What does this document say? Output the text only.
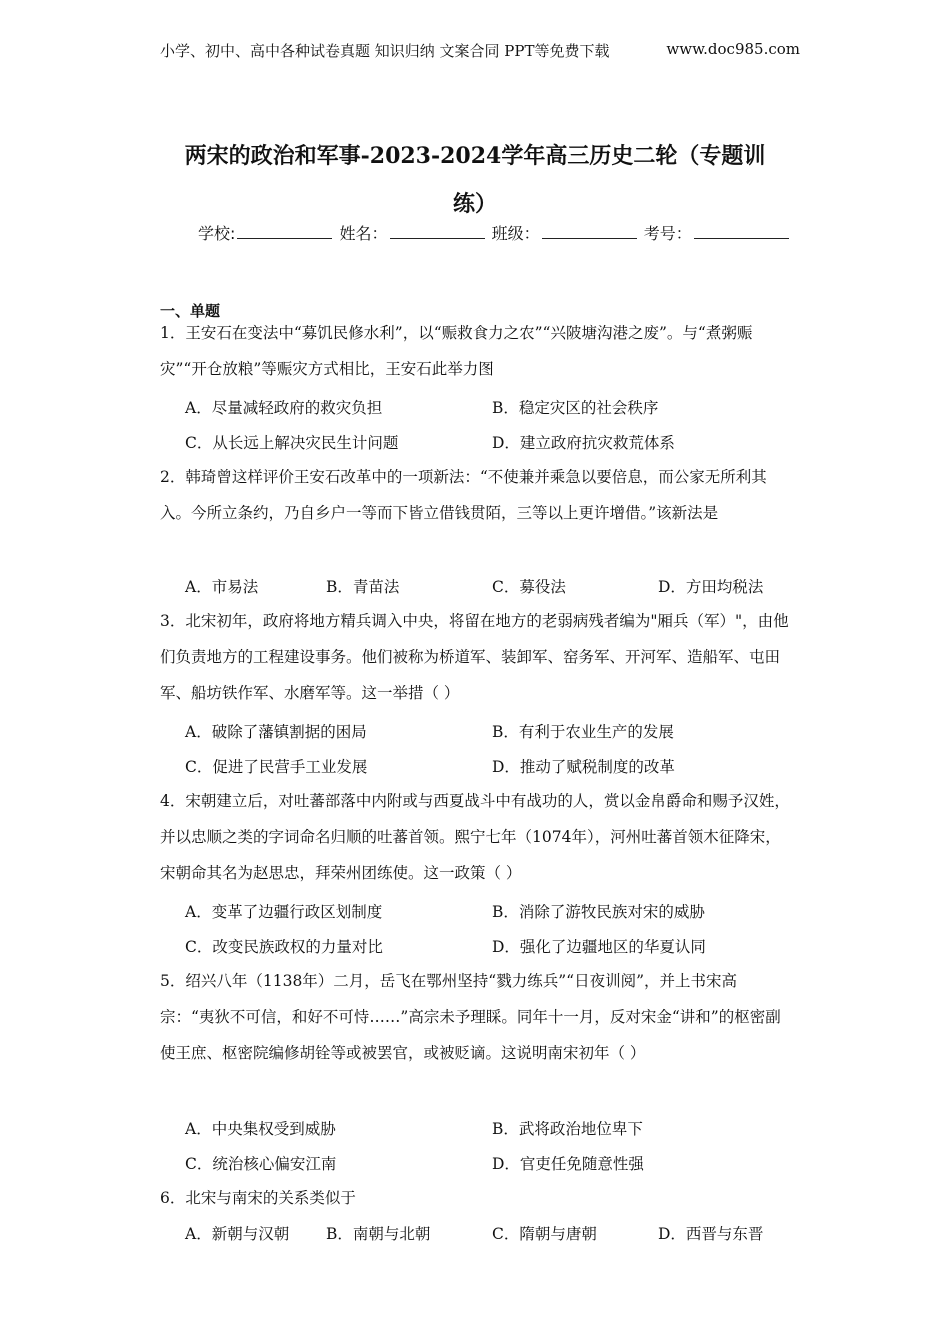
小学、初中、高中各种试卷真题 知识归纳 文案合同 PPT等免费下载	www.doc985.com
两宋的政治和军事-2023-2024学年高三历史二轮（专题训
练）
学校:	姓名：	班级：	考号：
一、单题
1．王安石在变法中“募饥民修水利”，以“赈救食力之农”“兴陂塘沟港之废”。与“煮粥赈灾”“开仓放粮”等赈灾方式相比，王安石此举力图
A．尽量减轻政府的救灾负担	B．稳定灾区的社会秩序
C．从长远上解决灾民生计问题	D．建立政府抗灾救荒体系
2．韩琦曾这样评价王安石改革中的一项新法：“不使兼并乘急以要倍息，而公家无所利其入。今所立条约，乃自乡户一等而下皆立借钱贯陌，三等以上更许增借。”该新法是
A．市易法	B．青苗法	C．募役法	D．方田均税法
3．北宋初年，政府将地方精兵调入中央，将留在地方的老弱病残者编为"厢兵（军）"，由他们负责地方的工程建设事务。他们被称为桥道军、装卸军、窑务军、开河军、造船军、屯田军、船坊铁作军、水磨军等。这一举措（ ）
A．破除了藩镇割据的困局	B．有利于农业生产的发展
C．促进了民营手工业发展	D．推动了赋税制度的改革
4．宋朝建立后，对吐蕃部落中内附或与西夏战斗中有战功的人，赏以金帛爵命和赐予汉姓，并以忠顺之类的字词命名归顺的吐蕃首领。熙宁七年（1074年），河州吐蕃首领木征降宋，宋朝命其名为赵思忠，拜荣州团练使。这一政策（ ）
A．变革了边疆行政区划制度	B．消除了游牧民族对宋的威胁
C．改变民族政权的力量对比	D．强化了边疆地区的华夏认同
5．绍兴八年（1138年）二月，岳飞在鄂州坚持“戮力练兵”“日夜训阅”，并上书宋高宗：“夷狄不可信，和好不可恃……”高宗未予理睬。同年十一月，反对宋金“讲和”的枢密副使王庶、枢密院编修胡铨等或被罢官，或被贬谪。这说明南宋初年（ ）
A．中央集权受到威胁	B．武将政治地位卑下
C．统治核心偏安江南	D．官吏任免随意性强
6．北宋与南宋的关系类似于
A．新朝与汉朝 B．南朝与北朝	C．隋朝与唐朝	D．西晋与东晋
